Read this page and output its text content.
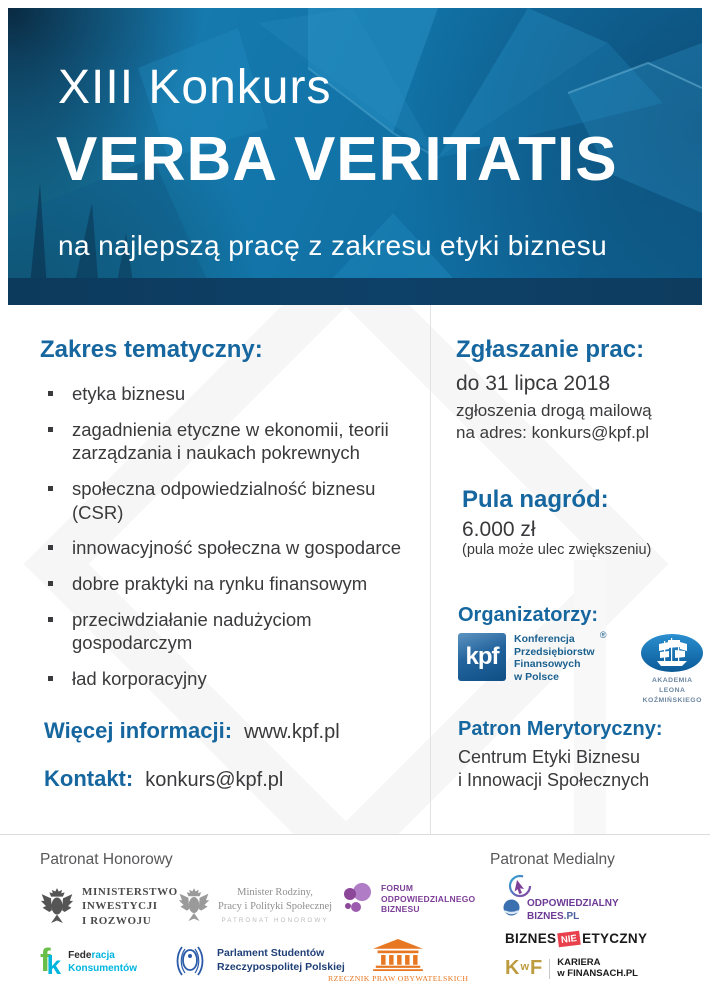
XIII Konkurs
VERBA VERITATIS
na najlepszą pracę z zakresu etyki biznesu
Zakres tematyczny:
etyka biznesu
zagadnienia etyczne w ekonomii, teorii zarządzania i naukach pokrewnych
społeczna odpowiedzialność biznesu (CSR)
innowacyjność społeczna w gospodarce
dobre praktyki na rynku finansowym
przeciwdziałanie nadużyciom gospodarczym
ład korporacyjny
Zgłaszanie prac:
do 31 lipca 2018
zgłoszenia drogą mailową
na adres: konkurs@kpf.pl
Pula nagród:
6.000 zł
(pula może ulec zwiększeniu)
Organizatorzy:
kpf
®
Konferencja
Przedsiębiorstw
Finansowych
w Polsce	AKADEMIA
LEONA KOŹMIŃSKIEGO
Patron Merytoryczny:
Centrum Etyki Biznesu
i Innowacji Społecznych
Więcej informacji: www.kpf.pl
Kontakt: konkurs@kpf.pl
Patronat Honorowy	Patronat Medialny
MINISTERSTWO
INWESTYCJI
I ROZWOJU
Minister Rodziny,
Pracy i Polityki Społecznej
PATRONAT HONOROWY
FORUM
ODPOWIEDZIALNEGO
BIZNESU
f
k Federacja
Konsumentów
Parlament Studentów
Rzeczypospolitej Polskiej
RZECZNIK PRAW OBYWATELSKICH
ODPOWIEDZIALNY
BIZNES.PL
BIZNES NIE ETYCZNY
K w F KARIERA
w FINANSACH.PL
